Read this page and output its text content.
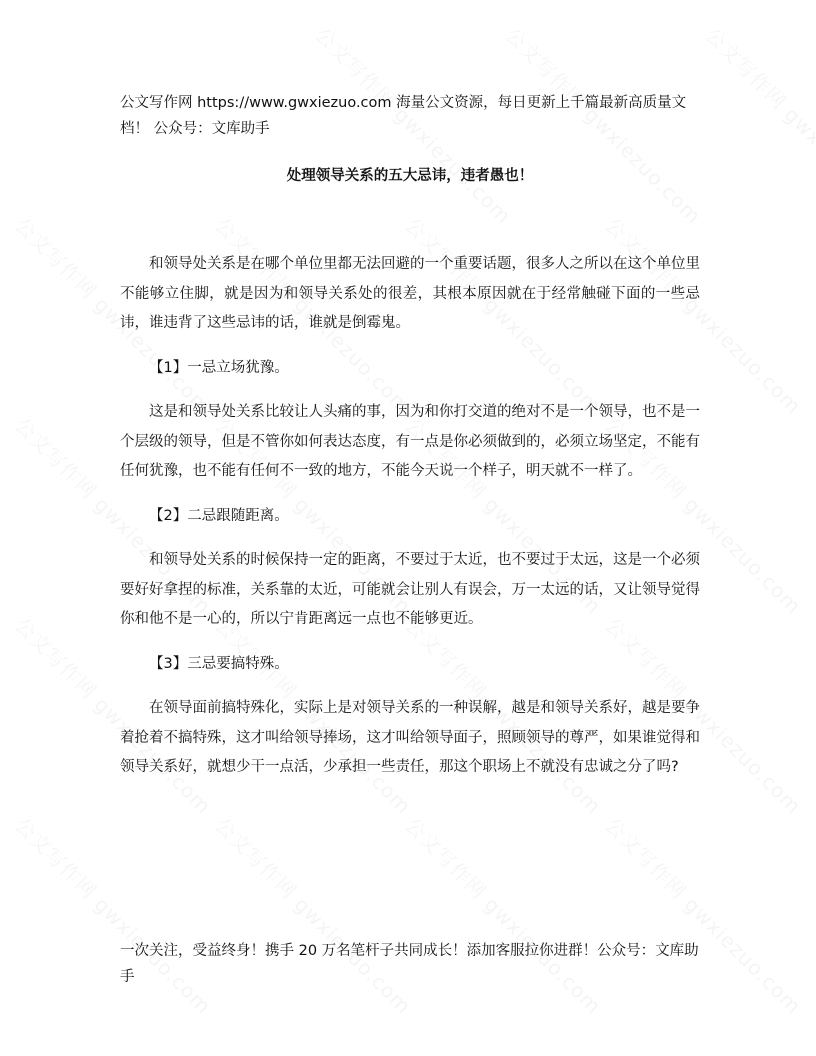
公文写作网 https://www.gwxiezuo.com 海量公文资源，每日更新上千篇最新高质量文档！ 公众号：文库助手

处理领导关系的五大忌讳，违者愚也！

和领导处关系是在哪个单位里都无法回避的一个重要话题，很多人之所以在这个单位里不能够立住脚，就是因为和领导关系处的很差，其根本原因就在于经常触碰下面的一些忌讳，谁违背了这些忌讳的话，谁就是倒霉鬼。

【1】一忌立场犹豫。

这是和领导处关系比较让人头痛的事，因为和你打交道的绝对不是一个领导，也不是一个层级的领导，但是不管你如何表达态度，有一点是你必须做到的，必须立场坚定，不能有任何犹豫，也不能有任何不一致的地方，不能今天说一个样子，明天就不一样了。

【2】二忌跟随距离。

和领导处关系的时候保持一定的距离，不要过于太近，也不要过于太远，这是一个必须要好好拿捏的标准，关系靠的太近，可能就会让别人有误会，万一太远的话，又让领导觉得你和他不是一心的，所以宁肯距离远一点也不能够更近。

【3】三忌要搞特殊。

在领导面前搞特殊化，实际上是对领导关系的一种误解，越是和领导关系好，越是要争着抢着不搞特殊，这才叫给领导捧场，这才叫给领导面子，照顾领导的尊严，如果谁觉得和领导关系好，就想少干一点活，少承担一些责任，那这个职场上不就没有忠诚之分了吗?

一次关注，受益终身！携手 20 万名笔杆子共同成长！添加客服拉你进群！公众号：文库助手
